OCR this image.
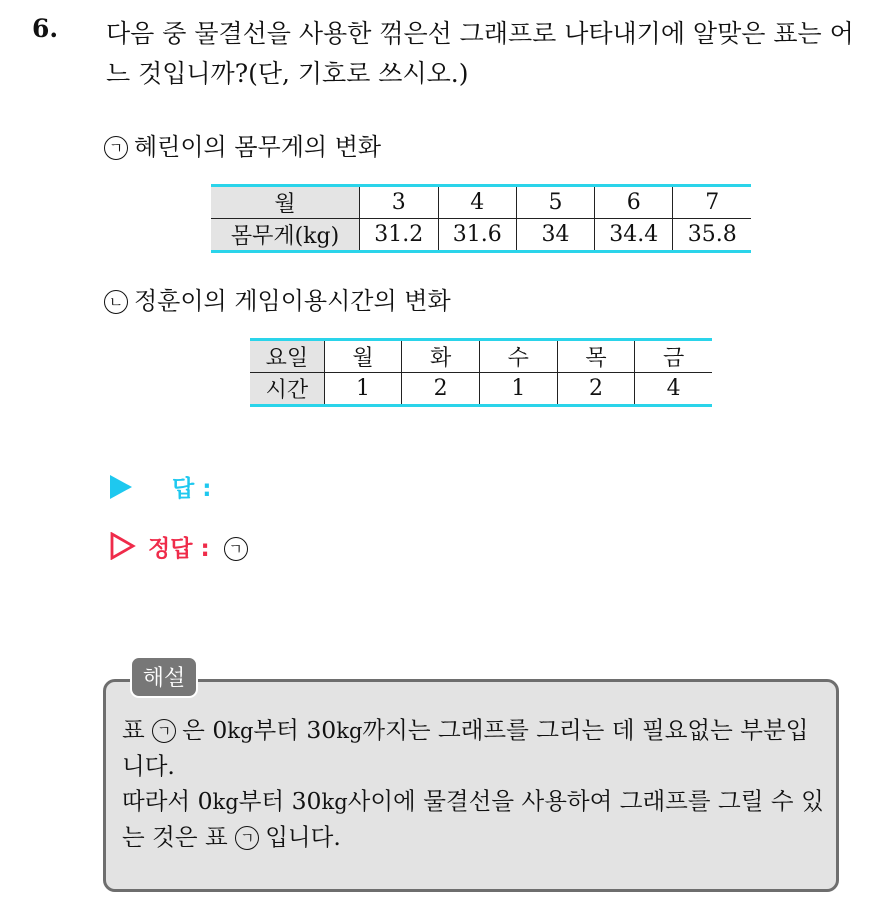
6. 다음 중 물결선을 사용한 꺾은선 그래프로 나타내기에 알맞은 표는 어느 것입니까?(단, 기호로 쓰시오.)
ㄱ 혜린이의 몸무게의 변화
월	3	4	5	6	7
몸무게(kg)	31.2	31.6	34	34.4	35.8
ㄴ 정훈이의 게임이용시간의 변화
요일	월	화	수	목	금
시간	1	2	1	2	4
답 :
정답 : ㄱ
해설

표 ㄱ 은 0kg부터 30kg까지는 그래프를 그리는 데 필요없는 부분입니다.

따라서 0kg부터 30kg사이에 물결선을 사용하여 그래프를 그릴 수 있는 것은 표 ㄱ 입니다.
